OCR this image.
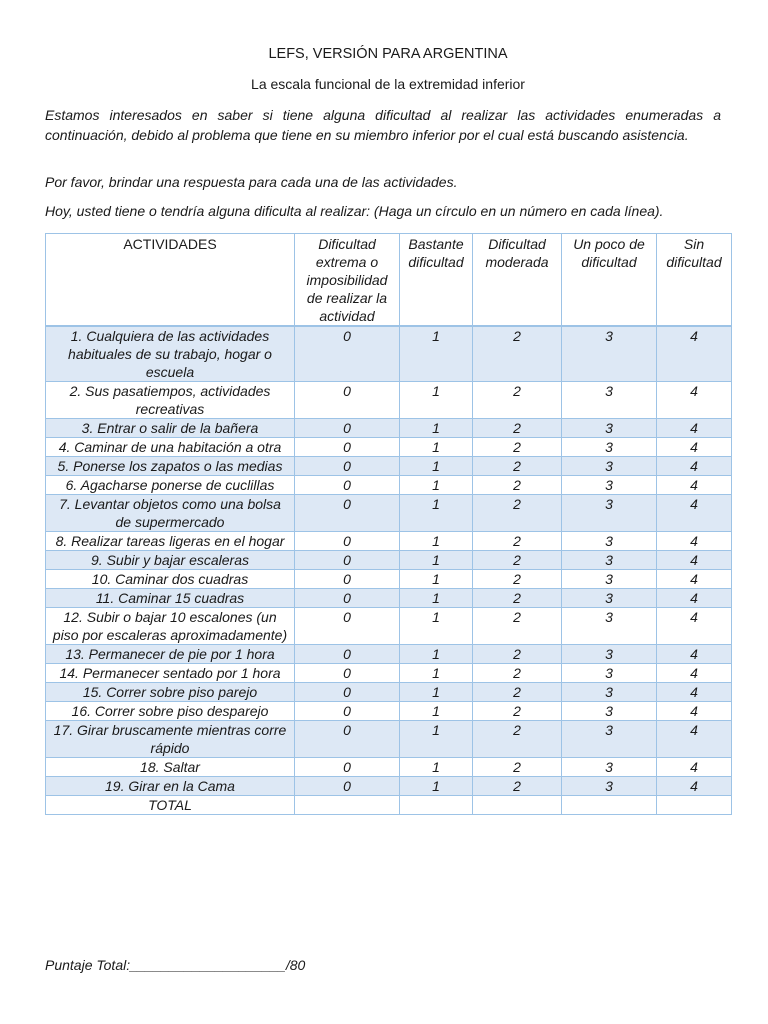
LEFS, VERSIÓN PARA ARGENTINA
La escala funcional de la extremidad inferior
Estamos interesados en saber si tiene alguna dificultad al realizar las actividades enumeradas a continuación, debido al problema que tiene en su miembro inferior por el cual está buscando asistencia.
Por favor, brindar una respuesta para cada una de las actividades.
Hoy, usted tiene o tendría alguna dificulta al realizar: (Haga un círculo en un número en cada línea).
ACTIVIDADES	Dificultad extrema o imposibilidad de realizar la actividad	Bastante dificultad	Dificultad moderada	Un poco de dificultad	Sin dificultad
1. Cualquiera de las actividades habituales de su trabajo, hogar o escuela	0	1	2	3	4
2. Sus pasatiempos, actividades recreativas	0	1	2	3	4
3. Entrar o salir de la bañera	0	1	2	3	4
4. Caminar de una habitación a otra	0	1	2	3	4
5. Ponerse los zapatos o las medias	0	1	2	3	4
6. Agacharse ponerse de cuclillas	0	1	2	3	4
7. Levantar objetos como una bolsa de supermercado	0	1	2	3	4
8. Realizar tareas ligeras en el hogar	0	1	2	3	4
9. Subir y bajar escaleras	0	1	2	3	4
10. Caminar dos cuadras	0	1	2	3	4
11. Caminar 15 cuadras	0	1	2	3	4
12. Subir o bajar 10 escalones (un piso por escaleras aproximadamente)	0	1	2	3	4
13. Permanecer de pie por 1 hora	0	1	2	3	4
14. Permanecer sentado por 1 hora	0	1	2	3	4
15. Correr sobre piso parejo	0	1	2	3	4
16. Correr sobre piso desparejo	0	1	2	3	4
17. Girar bruscamente mientras corre rápido	0	1	2	3	4
18. Saltar	0	1	2	3	4
19. Girar en la Cama	0	1	2	3	4
TOTAL					
Puntaje Total:____________________/80
